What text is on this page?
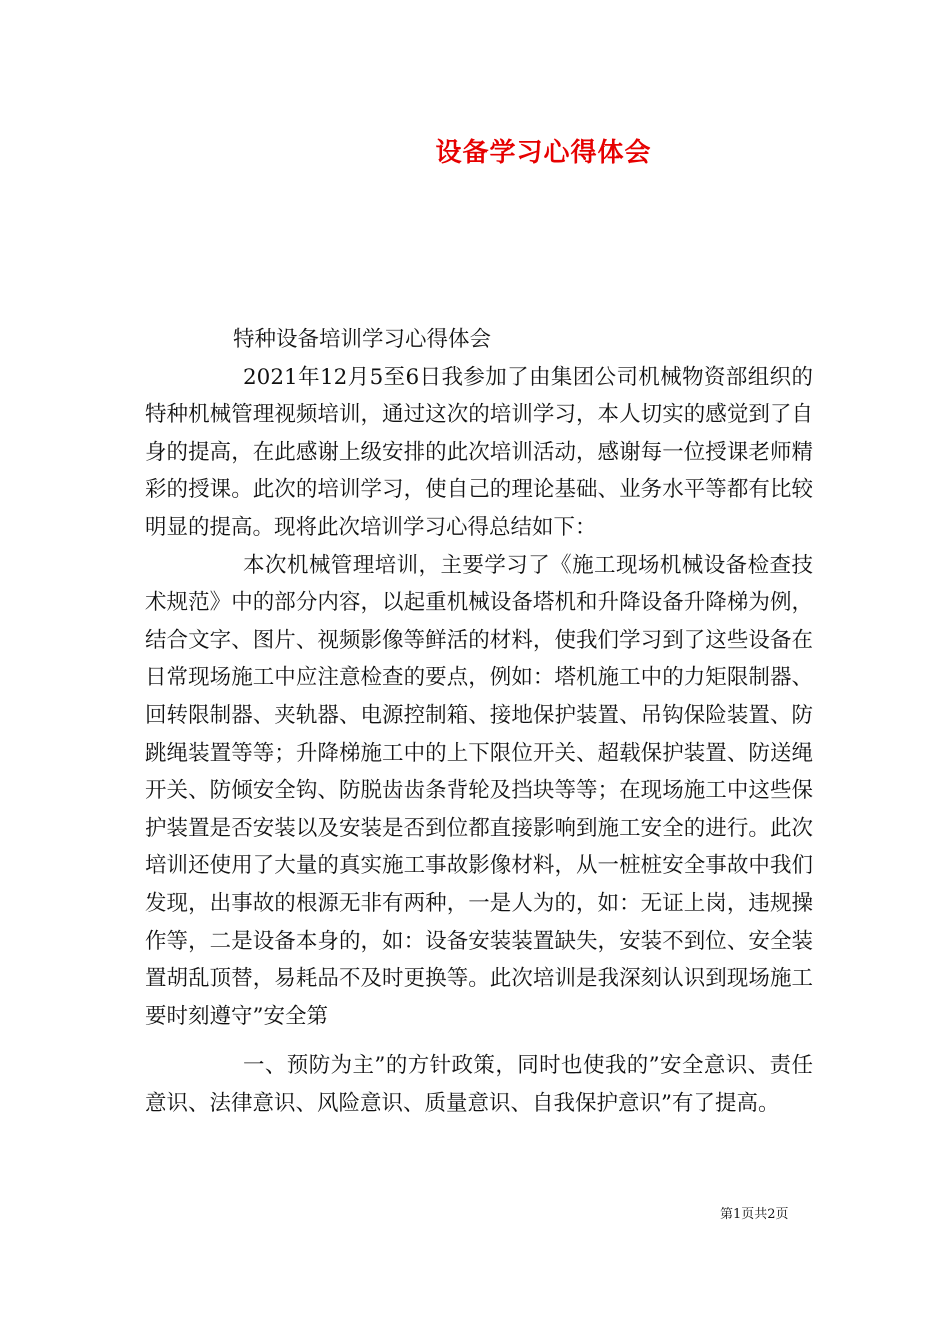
设备学习心得体会

特种设备培训学习心得体会

2021年12月5至6日我参加了由集团公司机械物资部组织的特种机械管理视频培训，通过这次的培训学习，本人切实的感觉到了自身的提高，在此感谢上级安排的此次培训活动，感谢每一位授课老师精彩的授课。此次的培训学习，使自己的理论基础、业务水平等都有比较明显的提高。现将此次培训学习心得总结如下：

本次机械管理培训，主要学习了《施工现场机械设备检查技术规范》中的部分内容，以起重机械设备塔机和升降设备升降梯为例，结合文字、图片、视频影像等鲜活的材料，使我们学习到了这些设备在日常现场施工中应注意检查的要点，例如：塔机施工中的力矩限制器、回转限制器、夹轨器、电源控制箱、接地保护装置、吊钩保险装置、防跳绳装置等等；升降梯施工中的上下限位开关、超载保护装置、防送绳开关、防倾安全钩、防脱齿齿条背轮及挡块等等；在现场施工中这些保护装置是否安装以及安装是否到位都直接影响到施工安全的进行。此次培训还使用了大量的真实施工事故影像材料，从一桩桩安全事故中我们发现，出事故的根源无非有两种，一是人为的，如：无证上岗，违规操作等，二是设备本身的，如：设备安装装置缺失，安装不到位、安全装置胡乱顶替，易耗品不及时更换等。此次培训是我深刻认识到现场施工要时刻遵守”安全第

一、预防为主”的方针政策，同时也使我的”安全意识、责任意识、法律意识、风险意识、质量意识、自我保护意识”有了提高。

第1页共2页
